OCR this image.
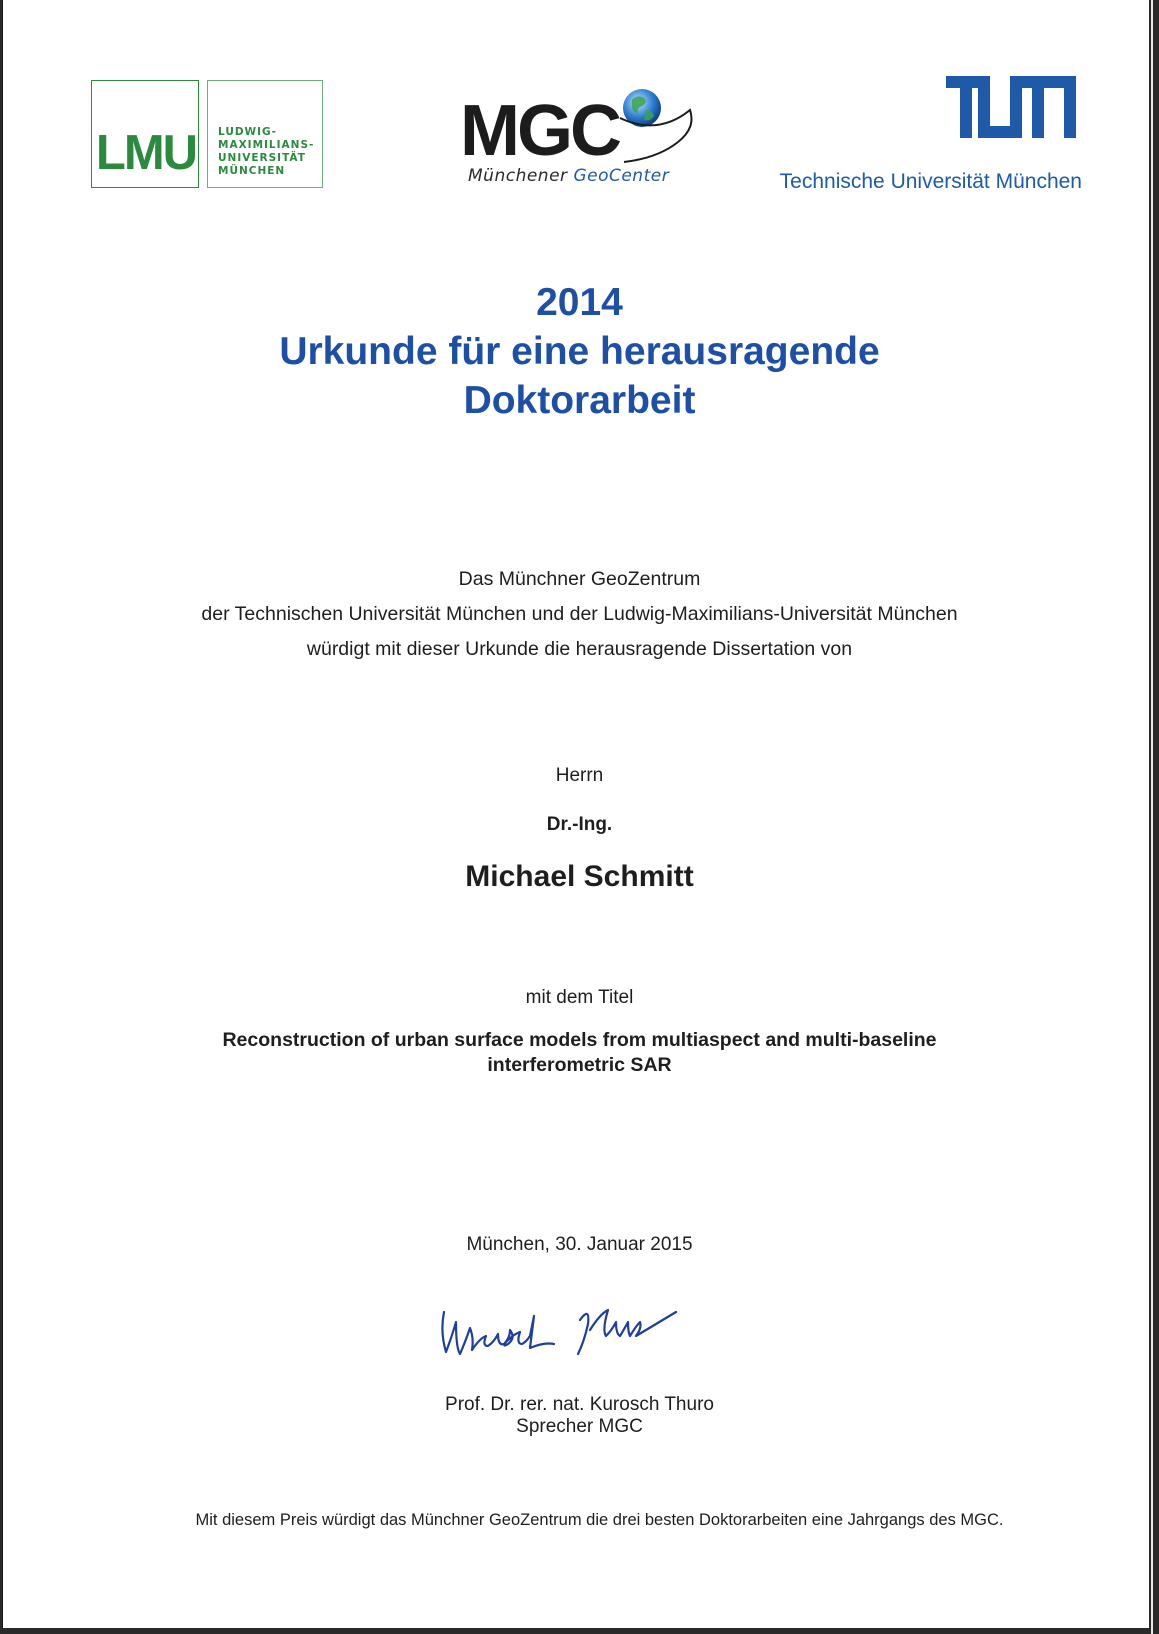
LMU LUDWIG-
MAXIMILIANS-
UNIVERSITÄT
MÜNCHEN MGC
Münchener GeoCenter	Technische Universität München
2014
Urkunde für eine herausragende
Doktorarbeit
Das Münchner GeoZentrum
der Technischen Universität München und der Ludwig-Maximilians-Universität München
würdigt mit dieser Urkunde die herausragende Dissertation von
Herrn
Dr.-Ing.
Michael Schmitt
mit dem Titel
Reconstruction of urban surface models from multiaspect and multi-baseline
interferometric SAR
München, 30. Januar 2015
Prof. Dr. rer. nat. Kurosch Thuro
Sprecher MGC
Mit diesem Preis würdigt das Münchner GeoZentrum die drei besten Doktorarbeiten eine Jahrgangs des MGC.
